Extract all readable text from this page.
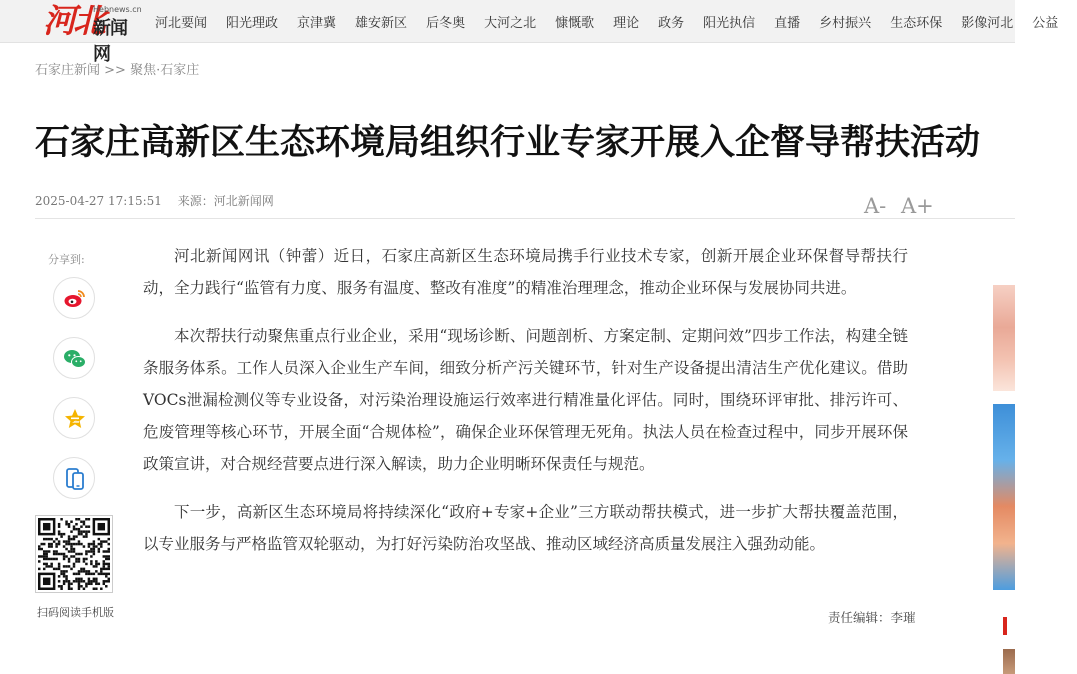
河北
Hebnews.cn
新闻网
河北要闻 阳光理政 京津冀 雄安新区 后冬奥 大河之北 慷慨歌 理论 政务 阳光执信 直播 乡村振兴 生态环保 影像河北 公益
石家庄新闻 >> 聚焦·石家庄
石家庄高新区生态环境局组织行业专家开展入企督导帮扶活动
2025-04-27 17:15:51 来源：河北新闻网	A- A+
分享到:
扫码阅读手机版

河北新闻网讯（钟蕾）近日，石家庄高新区生态环境局携手行业技术专家，创新开展企业环保督导帮扶行动，全力践行“监管有力度、服务有温度、整改有准度”的精准治理理念，推动企业环保与发展协同共进。

本次帮扶行动聚焦重点行业企业，采用“现场诊断、问题剖析、方案定制、定期问效”四步工作法，构建全链条服务体系。工作人员深入企业生产车间，细致分析产污关键环节，针对生产设备提出清洁生产优化建议。借助VOCs泄漏检测仪等专业设备，对污染治理设施运行效率进行精准量化评估。同时，围绕环评审批、排污许可、危废管理等核心环节，开展全面“合规体检”，确保企业环保管理无死角。执法人员在检查过程中，同步开展环保政策宣讲，对合规经营要点进行深入解读，助力企业明晰环保责任与规范。

下一步，高新区生态环境局将持续深化“政府+专家+企业”三方联动帮扶模式，进一步扩大帮扶覆盖范围，以专业服务与严格监管双轮驱动，为打好污染防治攻坚战、推动区域经济高质量发展注入强劲动能。

责任编辑：李璀
